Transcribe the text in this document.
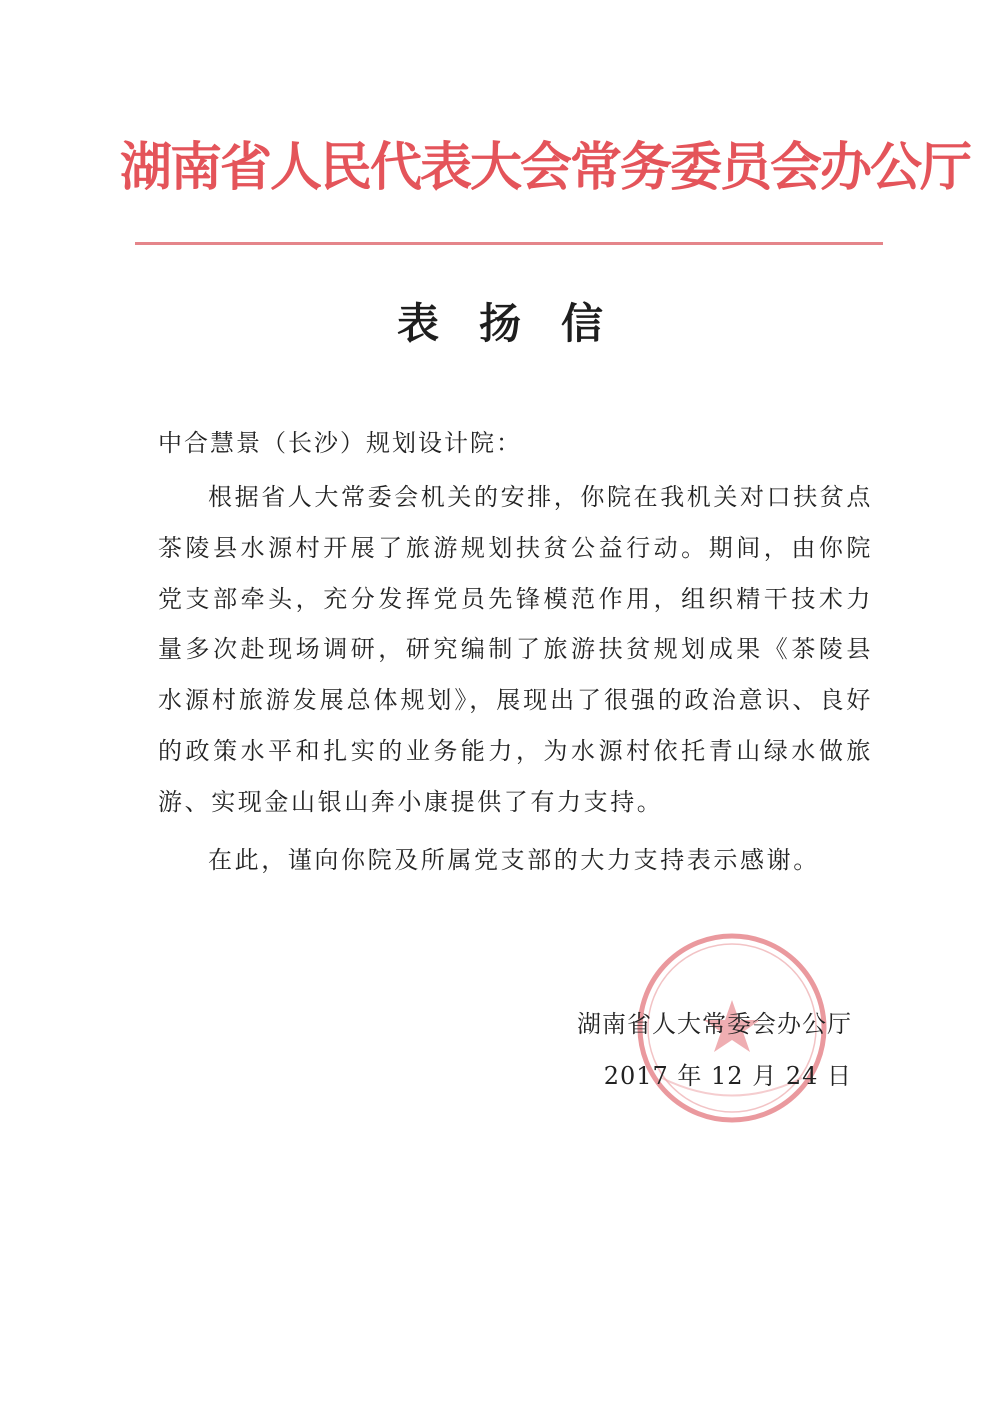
湖南省人民代表大会常务委员会办公厅
表扬信
中合慧景（长沙）规划设计院：
根据省人大常委会机关的安排，你院在我机关对口扶贫点茶陵县水源村开展了旅游规划扶贫公益行动。期间，由你院党支部牵头，充分发挥党员先锋模范作用，组织精干技术力量多次赴现场调研，研究编制了旅游扶贫规划成果《茶陵县水源村旅游发展总体规划》，展现出了很强的政治意识、良好的政策水平和扎实的业务能力，为水源村依托青山绿水做旅游、实现金山银山奔小康提供了有力支持。
在此，谨向你院及所属党支部的大力支持表示感谢。
湖南省人大常委会办公厅
2017 年 12 月 24 日
